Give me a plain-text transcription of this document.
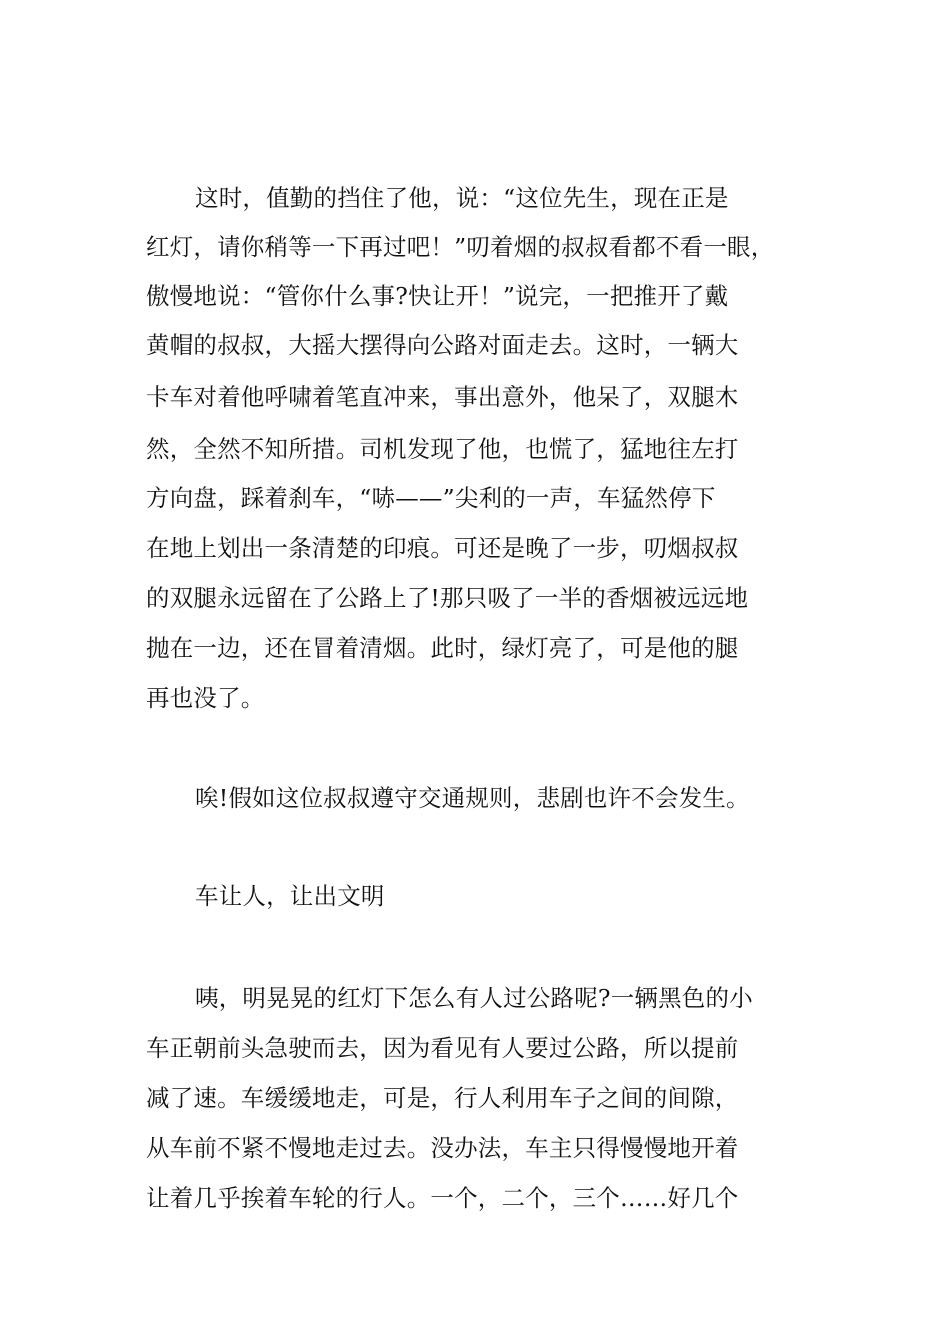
这时，值勤的挡住了他，说：“这位先生，现在正是
红灯，请你稍等一下再过吧！”叨着烟的叔叔看都不看一眼，
傲慢地说：“管你什么事?快让开！”说完，一把推开了戴
黄帽的叔叔，大摇大摆得向公路对面走去。这时，一辆大
卡车对着他呼啸着笔直冲来，事出意外，他呆了，双腿木
然，全然不知所措。司机发现了他，也慌了，猛地往左打
方向盘，踩着刹车，“哧——”尖利的一声，车猛然停下
在地上划出一条清楚的印痕。可还是晚了一步，叨烟叔叔
的双腿永远留在了公路上了!那只吸了一半的香烟被远远地
抛在一边，还在冒着清烟。此时，绿灯亮了，可是他的腿
再也没了。
唉!假如这位叔叔遵守交通规则，悲剧也许不会发生。
车让人，让出文明
咦，明晃晃的红灯下怎么有人过公路呢?一辆黑色的小
车正朝前头急驶而去，因为看见有人要过公路，所以提前
减了速。车缓缓地走，可是，行人利用车子之间的间隙，
从车前不紧不慢地走过去。没办法，车主只得慢慢地开着
让着几乎挨着车轮的行人。一个，二个，三个……好几个
